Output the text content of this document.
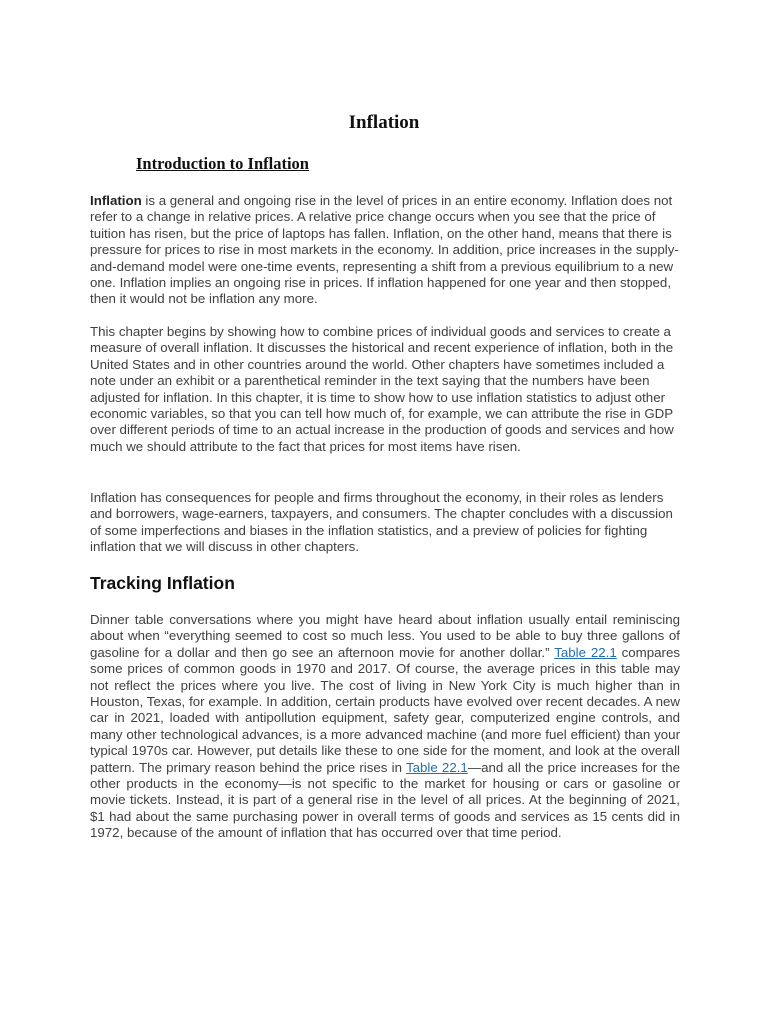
Inflation
Introduction to Inflation

Inflation is a general and ongoing rise in the level of prices in an entire economy. Inflation does not refer to a change in relative prices. A relative price change occurs when you see that the price of tuition has risen, but the price of laptops has fallen. Inflation, on the other hand, means that there is pressure for prices to rise in most markets in the economy. In addition, price increases in the supply-and-demand model were one-time events, representing a shift from a previous equilibrium to a new one. Inflation implies an ongoing rise in prices. If inflation happened for one year and then stopped, then it would not be inflation any more.

This chapter begins by showing how to combine prices of individual goods and services to create a measure of overall inflation. It discusses the historical and recent experience of inflation, both in the United States and in other countries around the world. Other chapters have sometimes included a note under an exhibit or a parenthetical reminder in the text saying that the numbers have been adjusted for inflation. In this chapter, it is time to show how to use inflation statistics to adjust other economic variables, so that you can tell how much of, for example, we can attribute the rise in GDP over different periods of time to an actual increase in the production of goods and services and how much we should attribute to the fact that prices for most items have risen.

Inflation has consequences for people and firms throughout the economy, in their roles as lenders and borrowers, wage-earners, taxpayers, and consumers. The chapter concludes with a discussion of some imperfections and biases in the inflation statistics, and a preview of policies for fighting inflation that we will discuss in other chapters.

Tracking Inflation

Dinner table conversations where you might have heard about inflation usually entail reminiscing about when “everything seemed to cost so much less. You used to be able to buy three gallons of gasoline for a dollar and then go see an afternoon movie for another dollar.” Table 22.1 compares some prices of common goods in 1970 and 2017. Of course, the average prices in this table may not reflect the prices where you live. The cost of living in New York City is much higher than in Houston, Texas, for example. In addition, certain products have evolved over recent decades. A new car in 2021, loaded with antipollution equipment, safety gear, computerized engine controls, and many other technological advances, is a more advanced machine (and more fuel efficient) than your typical 1970s car. However, put details like these to one side for the moment, and look at the overall pattern. The primary reason behind the price rises in Table 22.1—and all the price increases for the other products in the economy—is not specific to the market for housing or cars or gasoline or movie tickets. Instead, it is part of a general rise in the level of all prices. At the beginning of 2021, $1 had about the same purchasing power in overall terms of goods and services as 15 cents did in 1972, because of the amount of inflation that has occurred over that time period.
